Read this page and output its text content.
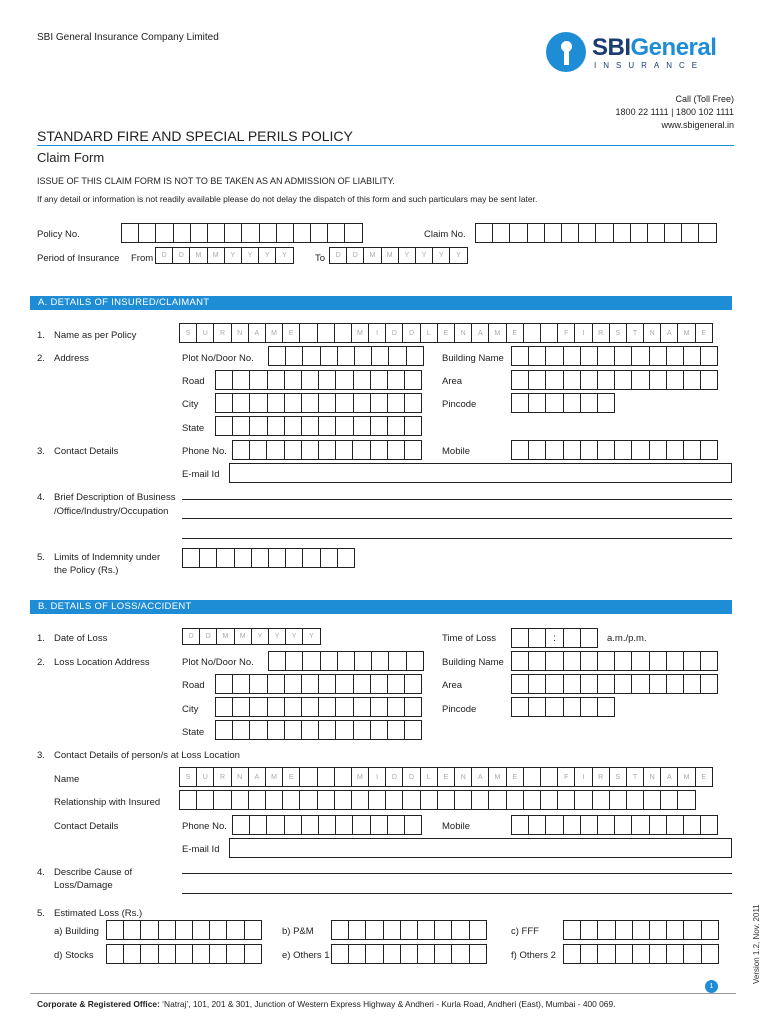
SBI General Insurance Company Limited	SBIGeneral
INSURANCE
Call (Toll Free)
1800 22 1111 | 1800 102 1111
www.sbigeneral.in
STANDARD FIRE AND SPECIAL PERILS POLICY
Claim Form
ISSUE OF THIS CLAIM FORM IS NOT TO BE TAKEN AS AN ADMISSION OF LIABILITY.
If any detail or information is not readily available please do not delay the dispatch of this form and such particulars may be sent later.
Policy No.	Claim No.
Period of Insurance From	D	D	M	M	Y	Y	Y	Y	To	D	D	M	M	Y	Y	Y	Y
A. DETAILS OF INSURED/CLAIMANT
1. Name as per Policy	S	U	R	N	A	M	E	M	I	D	D	L	E	N	A	M	E	F	I	R	S	T	N	A	M	E
2. Address	Plot No/Door No.	Building Name
Road	Area
City	Pincode
State
3. Contact Details	Phone No.	Mobile
E-mail Id
4. Brief Description of Business
/Office/Industry/Occupation
5. Limits of Indemnity under
the Policy (Rs.)
B. DETAILS OF LOSS/ACCIDENT
1. Date of Loss	D	D	M	M	Y	Y	Y	Y	Time of Loss	:	a.m./p.m.
2. Loss Location Address	Plot No/Door No.	Building Name
Road	Area
City	Pincode
State
3. Contact Details of person/s at Loss Location
Name	S	U	R	N	A	M	E	M	I	D	D	L	E	N	A	M	E	F	I	R	S	T	N	A	M	E
Relationship with Insured
Contact Details	Phone No.	Mobile
E-mail Id
4. Describe Cause of
Loss/Damage
5. Estimated Loss (Rs.)
a) Building	b) P&M	c) FFF
d) Stocks	e) Others 1	f) Others 2	Version 1.2, Nov. 2011
1
Corporate & Registered Office: ‘Natraj’, 101, 201 & 301, Junction of Western Express Highway & Andheri - Kurla Road, Andheri (East), Mumbai - 400 069.
